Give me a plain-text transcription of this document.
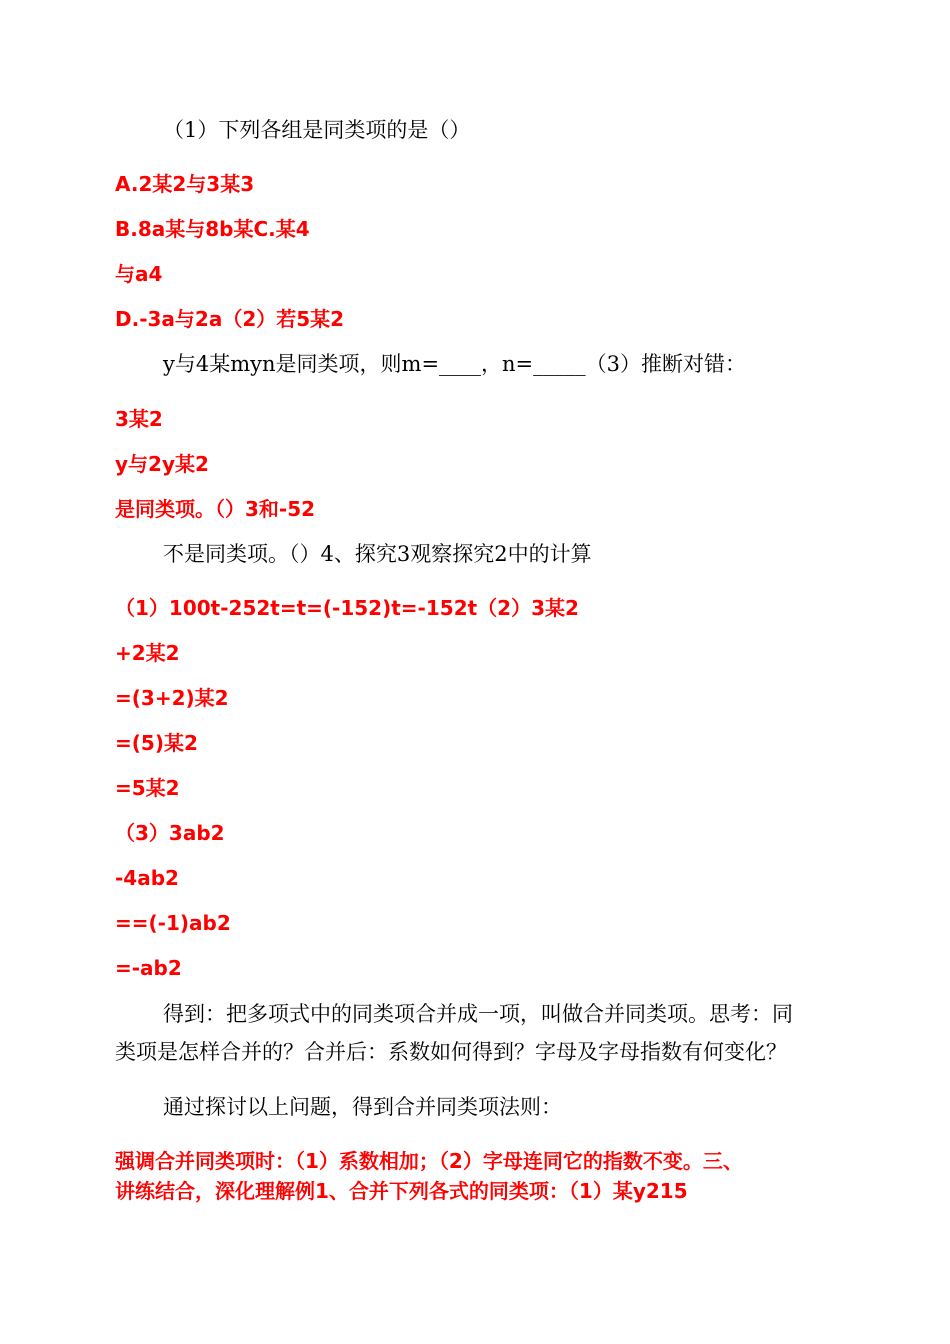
（1）下列各组是同类项的是（）
A.2某2与3某3
B.8a某与8b某C.某4
与a4
D.-3a与2a（2）若5某2
y与4某myn是同类项，则m=____，n=_____（3）推断对错：
3某2
y与2y某2
是同类项。（）3和-52
不是同类项。（）4、探究3观察探究2中的计算
（1）100t-252t=t=(-152)t=-152t（2）3某2
+2某2
=(3+2)某2
=(5)某2
=5某2
（3）3ab2
-4ab2
==(-1)ab2
=-ab2
得到：把多项式中的同类项合并成一项，叫做合并同类项。思考：同
类项是怎样合并的？合并后：系数如何得到？字母及字母指数有何变化？
通过探讨以上问题，得到合并同类项法则：
强调合并同类项时：（1）系数相加；（2）字母连同它的指数不变。三、
讲练结合，深化理解例1、合并下列各式的同类项：（1）某y215
